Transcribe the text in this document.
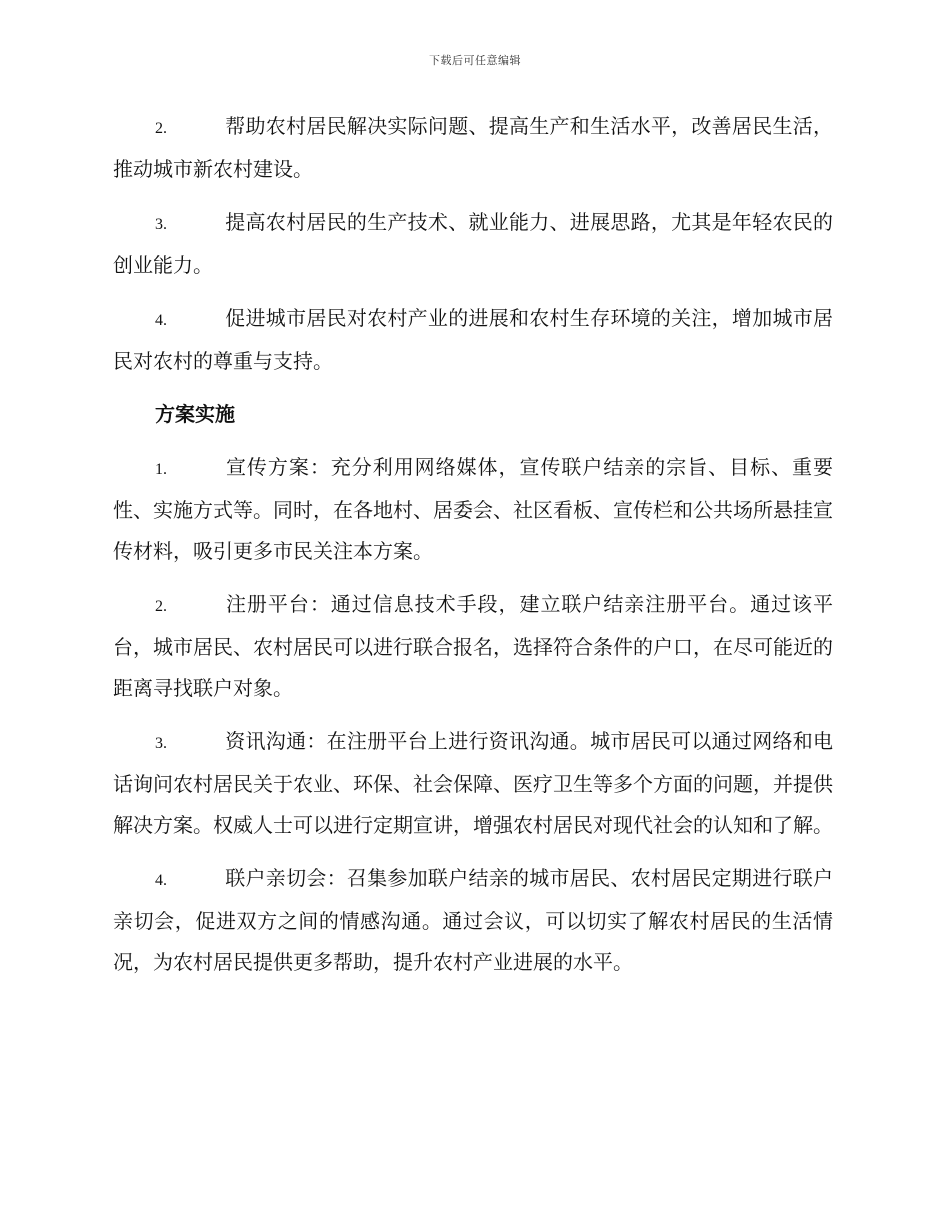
下载后可任意编辑

2.	帮助农村居民解决实际问题、提高生产和生活水平，改善居民生活，推动城市新农村建设。

3.	提高农村居民的生产技术、就业能力、进展思路，尤其是年轻农民的创业能力。

4.	促进城市居民对农村产业的进展和农村生存环境的关注，增加城市居民对农村的尊重与支持。

方案实施

1.	宣传方案：充分利用网络媒体，宣传联户结亲的宗旨、目标、重要性、实施方式等。同时，在各地村、居委会、社区看板、宣传栏和公共场所悬挂宣传材料，吸引更多市民关注本方案。

2.	注册平台：通过信息技术手段，建立联户结亲注册平台。通过该平台，城市居民、农村居民可以进行联合报名，选择符合条件的户口，在尽可能近的距离寻找联户对象。

3.	资讯沟通：在注册平台上进行资讯沟通。城市居民可以通过网络和电话询问农村居民关于农业、环保、社会保障、医疗卫生等多个方面的问题，并提供解决方案。权威人士可以进行定期宣讲，增强农村居民对现代社会的认知和了解。

4.	联户亲切会：召集参加联户结亲的城市居民、农村居民定期进行联户亲切会，促进双方之间的情感沟通。通过会议，可以切实了解农村居民的生活情况，为农村居民提供更多帮助，提升农村产业进展的水平。
